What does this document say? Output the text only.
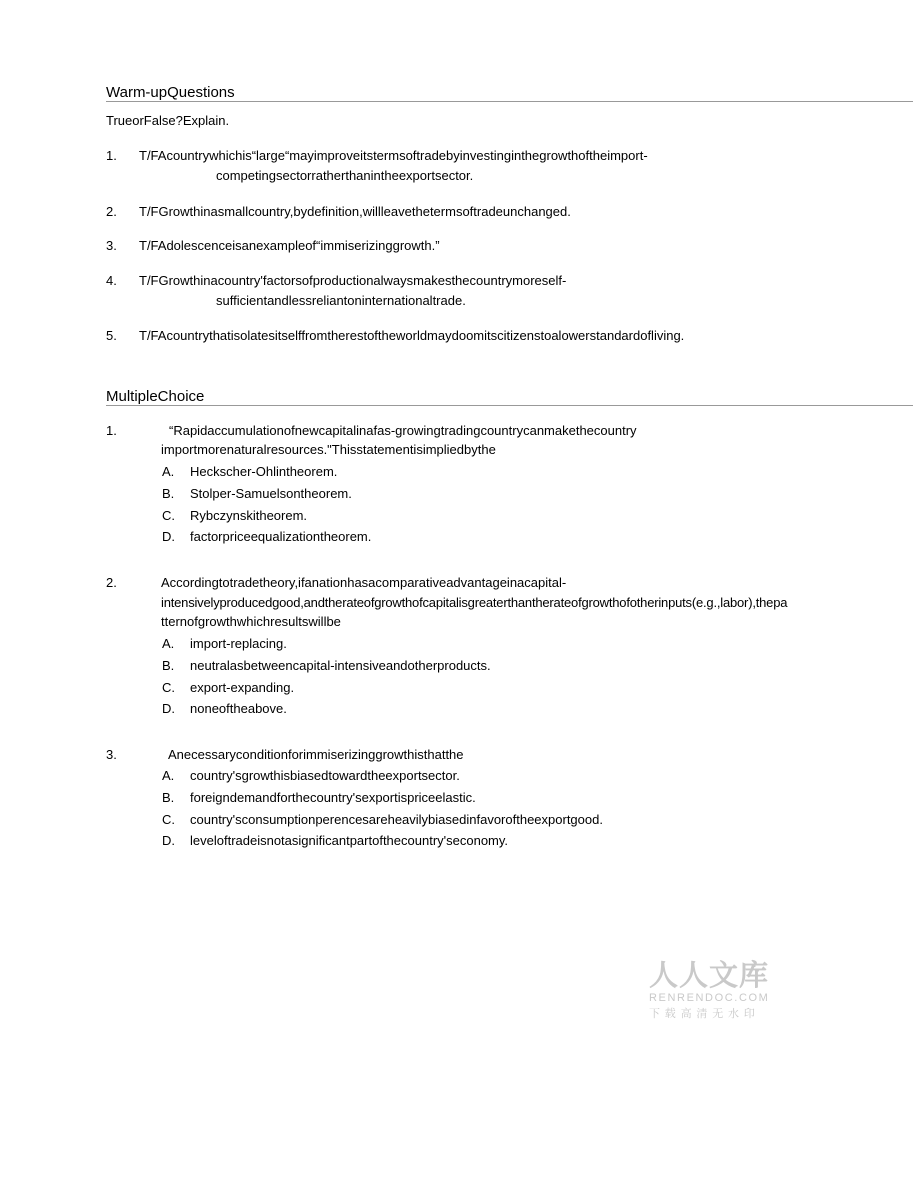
Warm-upQuestions
TrueorFalse?Explain.
1. T/FAcountrywhichis“large“mayimproveitstermsoftradebyinvestinginthegrowthoftheimport-
competingsectorratherthanintheexportsector.
2. T/FGrowthinasmallcountry,bydefinition,willleavethetermsoftradeunchanged.
3. T/FAdolescenceisanexampleof“immiserizinggrowth.”
4. T/FGrowthinacountry'factorsofproductionalwaysmakesthecountrymoreself-
sufficientandlessreliantoninternationaltrade.
5. T/FAcountrythatisolatesitselffromtherestoftheworldmaydoomitscitizenstoalowerstandardofliving.
MultipleChoice
1.	“Rapidaccumulationofnewcapitalinafas-growingtradingcountrycanmakethecountry
importmorenaturalresources."Thisstatementisimpliedbythe
A. Heckscher-Ohlintheorem.
B. Stolper-Samuelsontheorem.
C. Rybczynskitheorem.
D. factorpriceequalizationtheorem.
2.	Accordingtotradetheory,ifanationhasacomparativeadvantageinacapital-
intensivelyproducedgood,andtherateofgrowthofcapitalisgreaterthantherateofgrowthofotherinputs(e.g.,labor),thepa
tternofgrowthwhichresultswillbe
A. import-replacing.
B. neutralasbetweencapital-intensiveandotherproducts.
C. export-expanding.
D. noneoftheabove.
3.	Anecessaryconditionforimmiserizinggrowthisthatthe
A. country'sgrowthisbiasedtowardtheexportsector.
B. foreigndemandforthecountry'sexportispriceelastic.
C. country'sconsumptionperencesareheavilybiasedinfavoroftheexportgood.
D. leveloftradeisnotasignificantpartofthecountry'seconomy.
人人文库
RENRENDOC.COM
下载高清无水印
